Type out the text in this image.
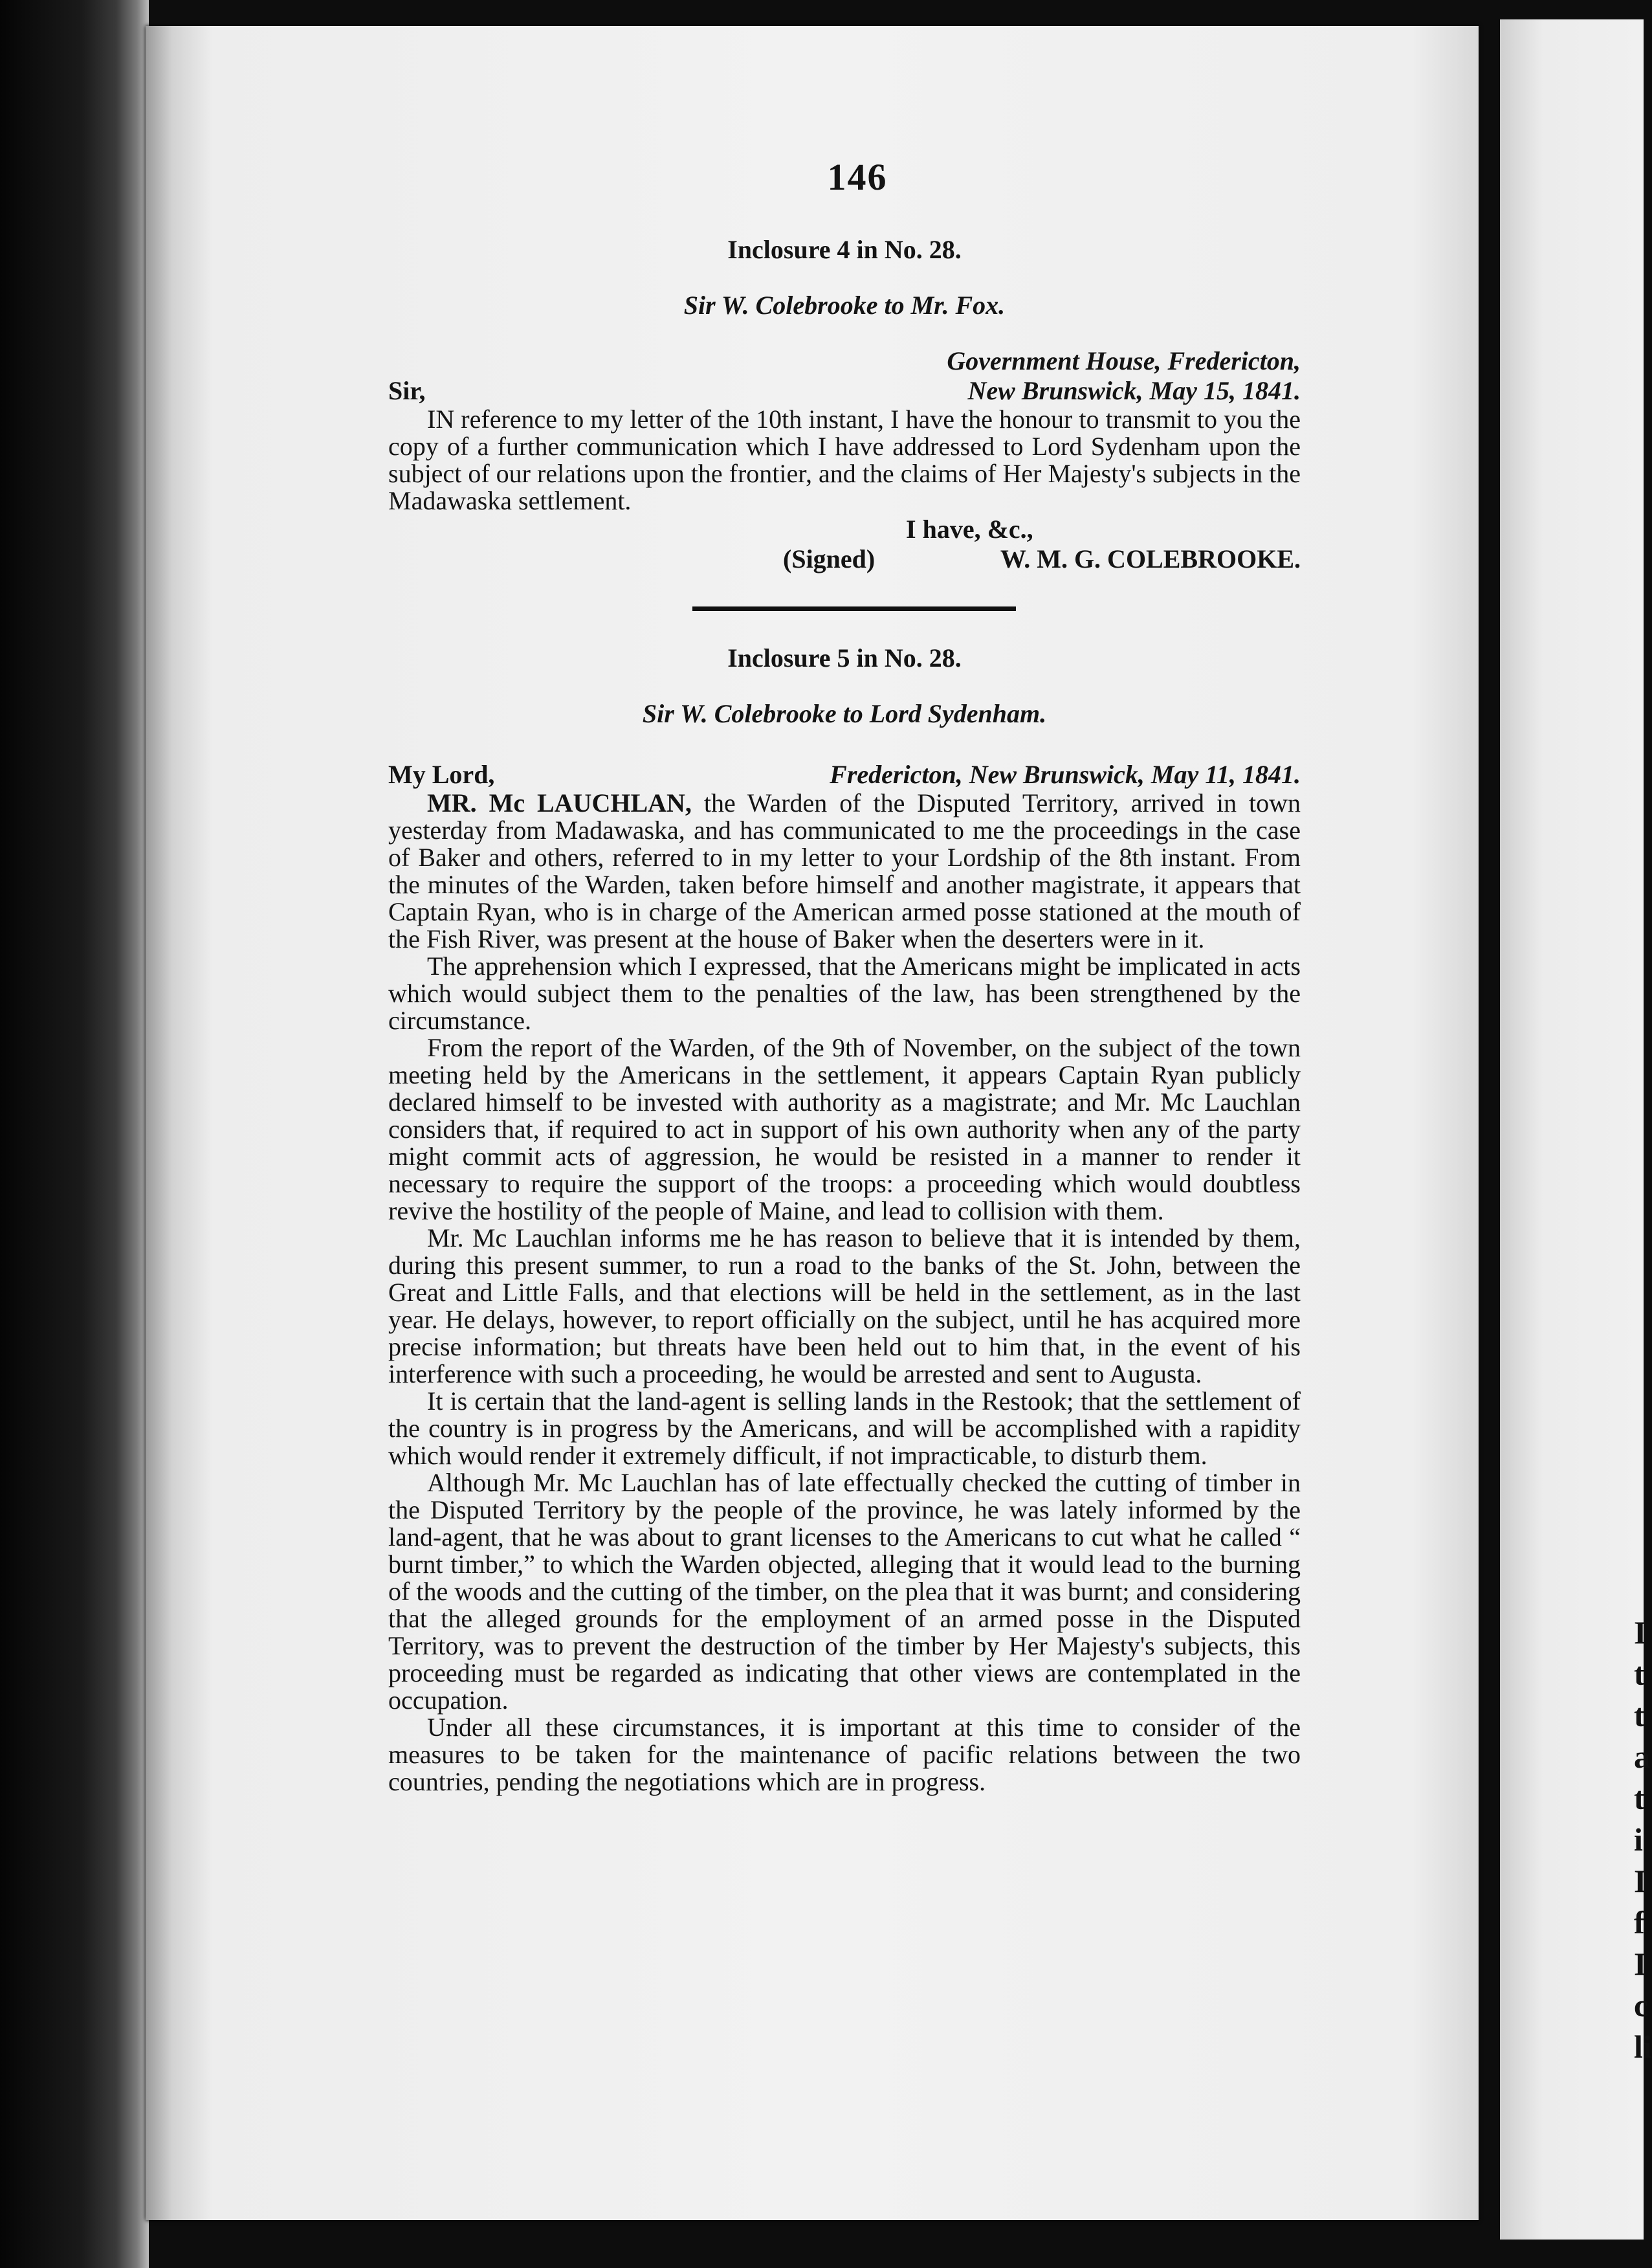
I
t
t
a
t
i
I
f
I
c
li
146
Inclosure 4 in No. 28.
Sir W. Colebrooke to Mr. Fox.
Government House, Fredericton,
Sir,	New Brunswick, May 15, 1841.

IN reference to my letter of the 10th instant, I have the honour to transmit to you the copy of a further communication which I have addressed to Lord Sydenham upon the subject of our relations upon the frontier, and the claims of Her Majesty's subjects in the Madawaska settlement.

I have, &c.,
(Signed)	W. M. G. COLEBROOKE.
Inclosure 5 in No. 28.
Sir W. Colebrooke to Lord Sydenham.
My Lord,	Fredericton, New Brunswick, May 11, 1841.

MR. Mc LAUCHLAN, the Warden of the Disputed Territory, arrived in town yesterday from Madawaska, and has communicated to me the proceedings in the case of Baker and others, referred to in my letter to your Lordship of the 8th instant. From the minutes of the Warden, taken before himself and another magistrate, it appears that Captain Ryan, who is in charge of the American armed posse stationed at the mouth of the Fish River, was present at the house of Baker when the deserters were in it.

The apprehension which I expressed, that the Americans might be implicated in acts which would subject them to the penalties of the law, has been strengthened by the circumstance.

From the report of the Warden, of the 9th of November, on the subject of the town meeting held by the Americans in the settlement, it appears Captain Ryan publicly declared himself to be invested with authority as a magistrate; and Mr. Mc Lauchlan considers that, if required to act in support of his own authority when any of the party might commit acts of aggression, he would be resisted in a manner to render it necessary to require the support of the troops: a proceeding which would doubtless revive the hostility of the people of Maine, and lead to collision with them.

Mr. Mc Lauchlan informs me he has reason to believe that it is intended by them, during this present summer, to run a road to the banks of the St. John, between the Great and Little Falls, and that elections will be held in the settlement, as in the last year. He delays, however, to report officially on the subject, until he has acquired more precise information; but threats have been held out to him that, in the event of his interference with such a proceeding, he would be arrested and sent to Augusta.

It is certain that the land-agent is selling lands in the Restook; that the settlement of the country is in progress by the Americans, and will be accomplished with a rapidity which would render it extremely difficult, if not impracticable, to disturb them.

Although Mr. Mc Lauchlan has of late effectually checked the cutting of timber in the Disputed Territory by the people of the province, he was lately informed by the land-agent, that he was about to grant licenses to the Americans to cut what he called “ burnt timber,” to which the Warden objected, alleging that it would lead to the burning of the woods and the cutting of the timber, on the plea that it was burnt; and considering that the alleged grounds for the employment of an armed posse in the Disputed Territory, was to prevent the destruction of the timber by Her Majesty's subjects, this proceeding must be regarded as indicating that other views are contemplated in the occupation.

Under all these circumstances, it is important at this time to consider of the measures to be taken for the maintenance of pacific relations between the two countries, pending the negotiations which are in progress.
